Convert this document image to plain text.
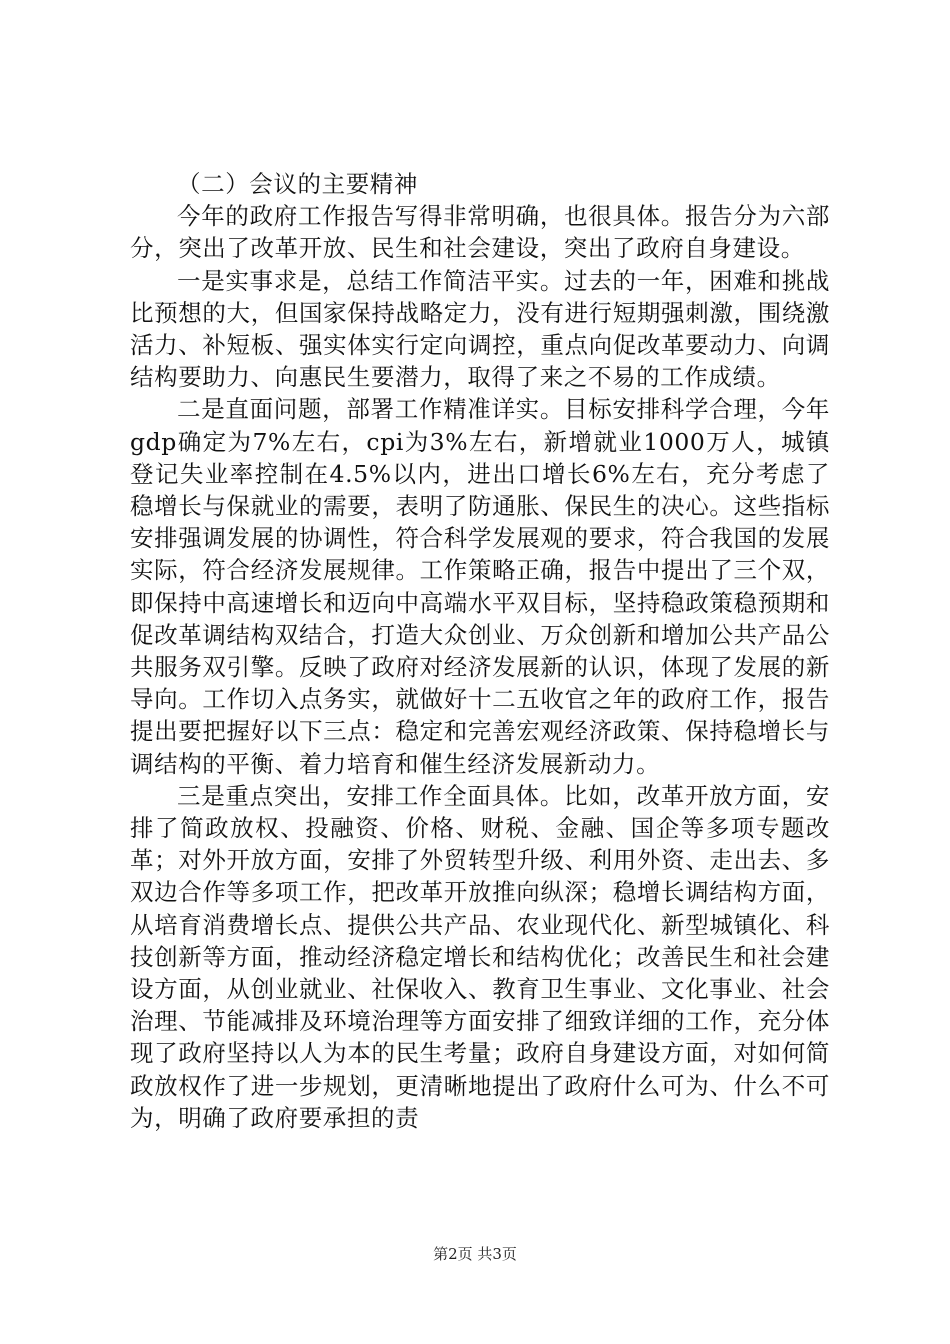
（二）会议的主要精神

今年的政府工作报告写得非常明确，也很具体。报告分为六部分，突出了改革开放、民生和社会建设，突出了政府自身建设。

一是实事求是，总结工作简洁平实。过去的一年，困难和挑战比预想的大，但国家保持战略定力，没有进行短期强刺激，围绕激活力、补短板、强实体实行定向调控，重点向促改革要动力、向调结构要助力、向惠民生要潜力，取得了来之不易的工作成绩。

二是直面问题，部署工作精准详实。目标安排科学合理，今年gdp确定为7%左右，cpi为3%左右，新增就业1000万人，城镇登记失业率控制在4.5%以内，进出口增长6%左右，充分考虑了稳增长与保就业的需要，表明了防通胀、保民生的决心。这些指标安排强调发展的协调性，符合科学发展观的要求，符合我国的发展实际，符合经济发展规律。工作策略正确，报告中提出了三个双，即保持中高速增长和迈向中高端水平双目标，坚持稳政策稳预期和促改革调结构双结合，打造大众创业、万众创新和增加公共产品公共服务双引擎。反映了政府对经济发展新的认识，体现了发展的新导向。工作切入点务实，就做好十二五收官之年的政府工作，报告提出要把握好以下三点：稳定和完善宏观经济政策、保持稳增长与调结构的平衡、着力培育和催生经济发展新动力。

三是重点突出，安排工作全面具体。比如，改革开放方面，安排了简政放权、投融资、价格、财税、金融、国企等多项专题改革；对外开放方面，安排了外贸转型升级、利用外资、走出去、多双边合作等多项工作，把改革开放推向纵深；稳增长调结构方面，从培育消费增长点、提供公共产品、农业现代化、新型城镇化、科技创新等方面，推动经济稳定增长和结构优化；改善民生和社会建设方面，从创业就业、社保收入、教育卫生事业、文化事业、社会治理、节能减排及环境治理等方面安排了细致详细的工作，充分体现了政府坚持以人为本的民生考量；政府自身建设方面，对如何简政放权作了进一步规划，更清晰地提出了政府什么可为、什么不可为，明确了政府要承担的责

第2页 共3页
